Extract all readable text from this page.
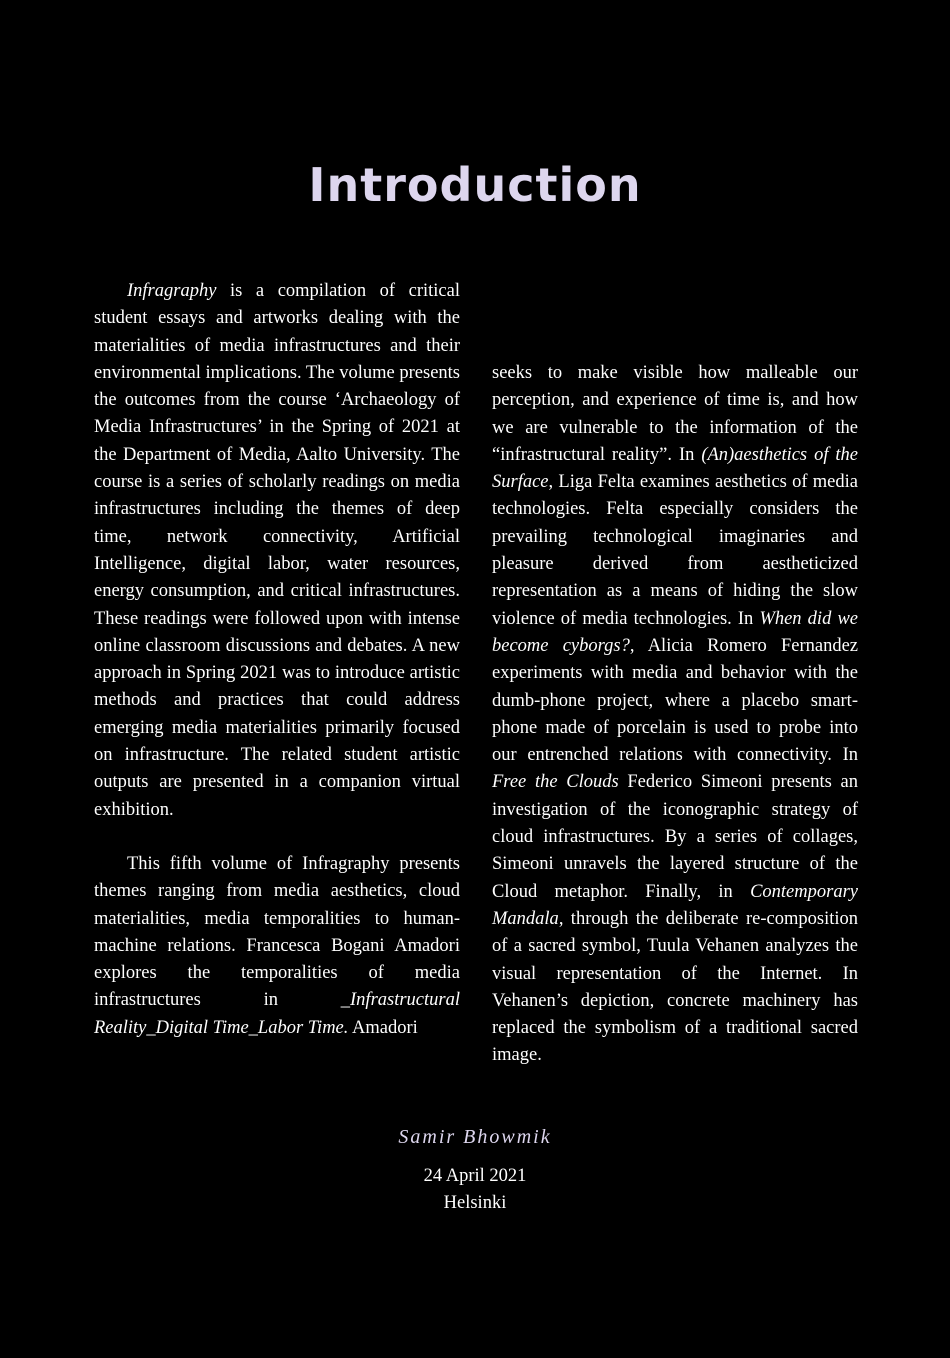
Introduction

Infragraphy is a compilation of critical student essays and artworks dealing with the materialities of media infrastructures and their environmental implications. The volume presents the outcomes from the course ‘Archaeology of Media Infrastructures’ in the Spring of 2021 at the Department of Media, Aalto University. The course is a series of scholarly readings on media infrastructures including the themes of deep time, network connectivity, Artificial Intelligence, digital labor, water resources, energy consumption, and critical infrastructures. These readings were followed upon with intense online classroom discussions and debates. A new approach in Spring 2021 was to introduce artistic methods and practices that could address emerging media materialities primarily focused on infrastructure. The related student artistic outputs are presented in a companion virtual exhibition.

This fifth volume of Infragraphy presents themes ranging from media aesthetics, cloud materialities, media temporalities to human-machine relations. Francesca Bogani Amadori explores the temporalities of media infrastructures in _Infrastructural Reality_Digital Time_Labor Time. Amadori

seeks to make visible how malleable our perception, and experience of time is, and how we are vulnerable to the information of the “infrastructural reality”. In (An)aesthetics of the Surface, Liga Felta examines aesthetics of media technologies. Felta especially considers the prevailing technological imaginaries and pleasure derived from aestheticized representation as a means of hiding the slow violence of media technologies. In When did we become cyborgs?, Alicia Romero Fernandez experiments with media and behavior with the dumb-phone project, where a placebo smart-phone made of porcelain is used to probe into our entrenched relations with connectivity. In Free the Clouds Federico Simeoni presents an investigation of the iconographic strategy of cloud infrastructures. By a series of collages, Simeoni unravels the layered structure of the Cloud metaphor. Finally, in Contemporary Mandala, through the deliberate re-composition of a sacred symbol, Tuula Vehanen analyzes the visual representation of the Internet. In Vehanen’s depiction, concrete machinery has replaced the symbolism of a traditional sacred image.

Samir Bhowmik
24 April 2021
Helsinki
